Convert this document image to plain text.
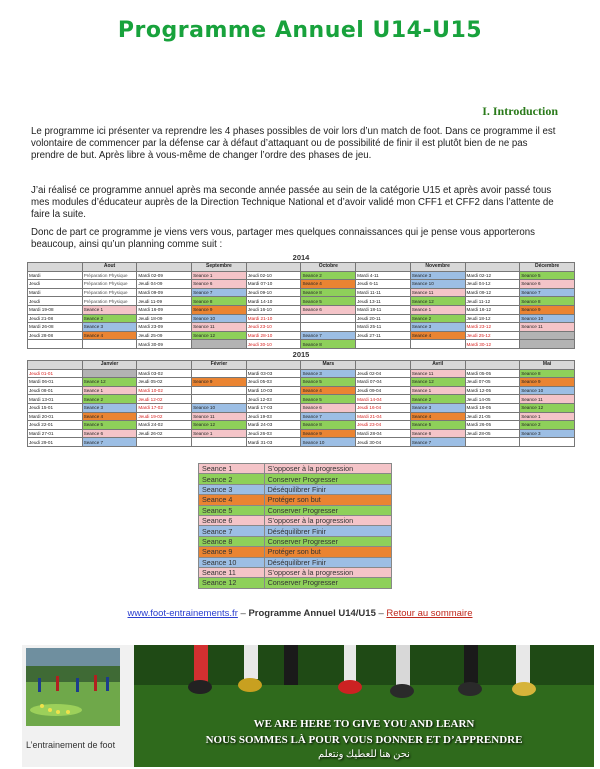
Programme Annuel U14-U15
I. Introduction

Le programme ici présenter va reprendre les 4 phases possibles de voir lors d’un match de foot. Dans ce programme il est volontaire de commencer par la défense car à défaut d’attaquant ou de possibilité de finir il est plutôt bien de ne pas prendre de but. Après libre à vous-même de changer l’ordre des phases de jeu.

J’ai réalisé ce programme annuel après ma seconde année passée au sein de la catégorie U15 et après avoir passé tous mes modules d’éducateur auprès de la Direction Technique National et d’avoir validé mon CFF1 et CFF2 dans l’attente de faire la suite.

Donc de part ce programme je viens vers vous, partager mes quelques connaissances qui je pense vous apporterons beaucoup, ainsi qu’un planning comme suit :

2014
	Aout		Septembre		Octobre		Novembre		Décembre
Mardi	Préparation Physique	Mardi 02-09	Seance 1	Jeudi 02-10	Seance 2	Mardi 4-11	Seance 3	Mardi 02-12	Seance 5
Jeudi	Préparation Physique	Jeudi 04-09	Seance 6	Mardi 07-10	Seance 4	Jeudi 6-11	Seance 10	Jeudi 04-12	Seance 6
Mardi	Préparation Physique	Mardi 09-09	Seance 7	Jeudi 09-10	Seance 8	Mardi 11-11	Seance 11	Mardi 09-12	Seance 7
Jeudi	Préparation Physique	Jeudi 11-09	Seance 8	Mardi 14-10	Seance 5	Jeudi 13-11	Seance 12	Jeudi 11-12	Seance 8
Mardi 19-08	Seance 1	Mardi 16-09	Seance 9	Jeudi 16-10	Seance 6	Mardi 18-11	Seance 1	Mardi 16-12	Seance 9
Jeudi 21-08	Seance 2	Jeudi 18-09	Seance 10	Mardi 21-10		Jeudi 20-11	Seance 2	Jeudi 18-12	Seance 10
Mardi 26-08	Seance 3	Mardi 23-09	Seance 11	Jeudi 23-10		Mardi 25-11	Seance 3	Mardi 23-12	Seance 11
Jeudi 28-08	Seance 4	Jeudi 25-09	Seance 12	Mardi 28-10	Seance 7	Jeudi 27-11	Seance 4	Jeudi 25-12	
		Mardi 30-09		Jeudi 30-10	Seance 8			Mardi 30-12	
2015
	Janvier		Février		Mars		Avril		Mai
Jeudi 01-01		Mardi 03-02		Mardi 03-03	Seance 3	Jeudi 02-04	Seance 11	Mardi 05-05	Seance 8
Mardi 06-01	Seance 12	Jeudi 05-02	Seance 9	Jeudi 05-03	Seance 5	Mardi 07-04	Seance 12	Jeudi 07-05	Seance 9
Jeudi 08-01	Seance 1	Mardi 10-02		Mardi 10-03	Seance 4	Jeudi 09-04	Seance 1	Mardi 12-05	Seance 10
Mardi 13-01	Seance 2	Jeudi 12-02		Jeudi 12-03	Seance 5	Mardi 14-04	Seance 2	Jeudi 14-05	Seance 11
Jeudi 15-01	Seance 3	Mardi 17-02	Seance 10	Mardi 17-03	Seance 6	Jeudi 16-04	Seance 3	Mardi 19-05	Seance 12
Mardi 20-01	Seance 4	Jeudi 19-02	Seance 11	Jeudi 19-03	Seance 7	Mardi 21-04	Seance 4	Jeudi 21-05	Seance 1
Jeudi 22-01	Seance 5	Mardi 24-02	Seance 12	Mardi 24-03	Seance 8	Jeudi 23-04	Seance 5	Mardi 26-05	Seance 2
Mardi 27-01	Seance 6	Jeudi 26-02	Seance 1	Jeudi 26-03	Seance 9	Mardi 28-04	Seance 6	Jeudi 28-05	Seance 3
Jeudi 29-01	Seance 7			Mardi 31-03	Seance 10	Jeudi 30-04	Seance 7		
Seance 1	S’opposer à la progression
Seance 2	Conserver Progresser
Seance 3	Déséquilibrer Finir
Seance 4	Protéger son but
Seance 5	Conserver Progresser
Seance 6	S’opposer à la progression
Seance 7	Déséquilibrer Finir
Seance 8	Conserver Progresser
Seance 9	Protéger son but
Seance 10	Déséquilibrer Finir
Seance 11	S’opposer à la progression
Seance 12	Conserver Progresser
www.foot-entrainements.fr – Programme Annuel U14/U15 – Retour au sommaire
L’entrainement de foot
WE ARE HERE TO GIVE YOU AND LEARN
NOUS SOMMES LÀ POUR VOUS DONNER ET D’APPRENDRE
نحن هنا للعطيك ونتعلم
